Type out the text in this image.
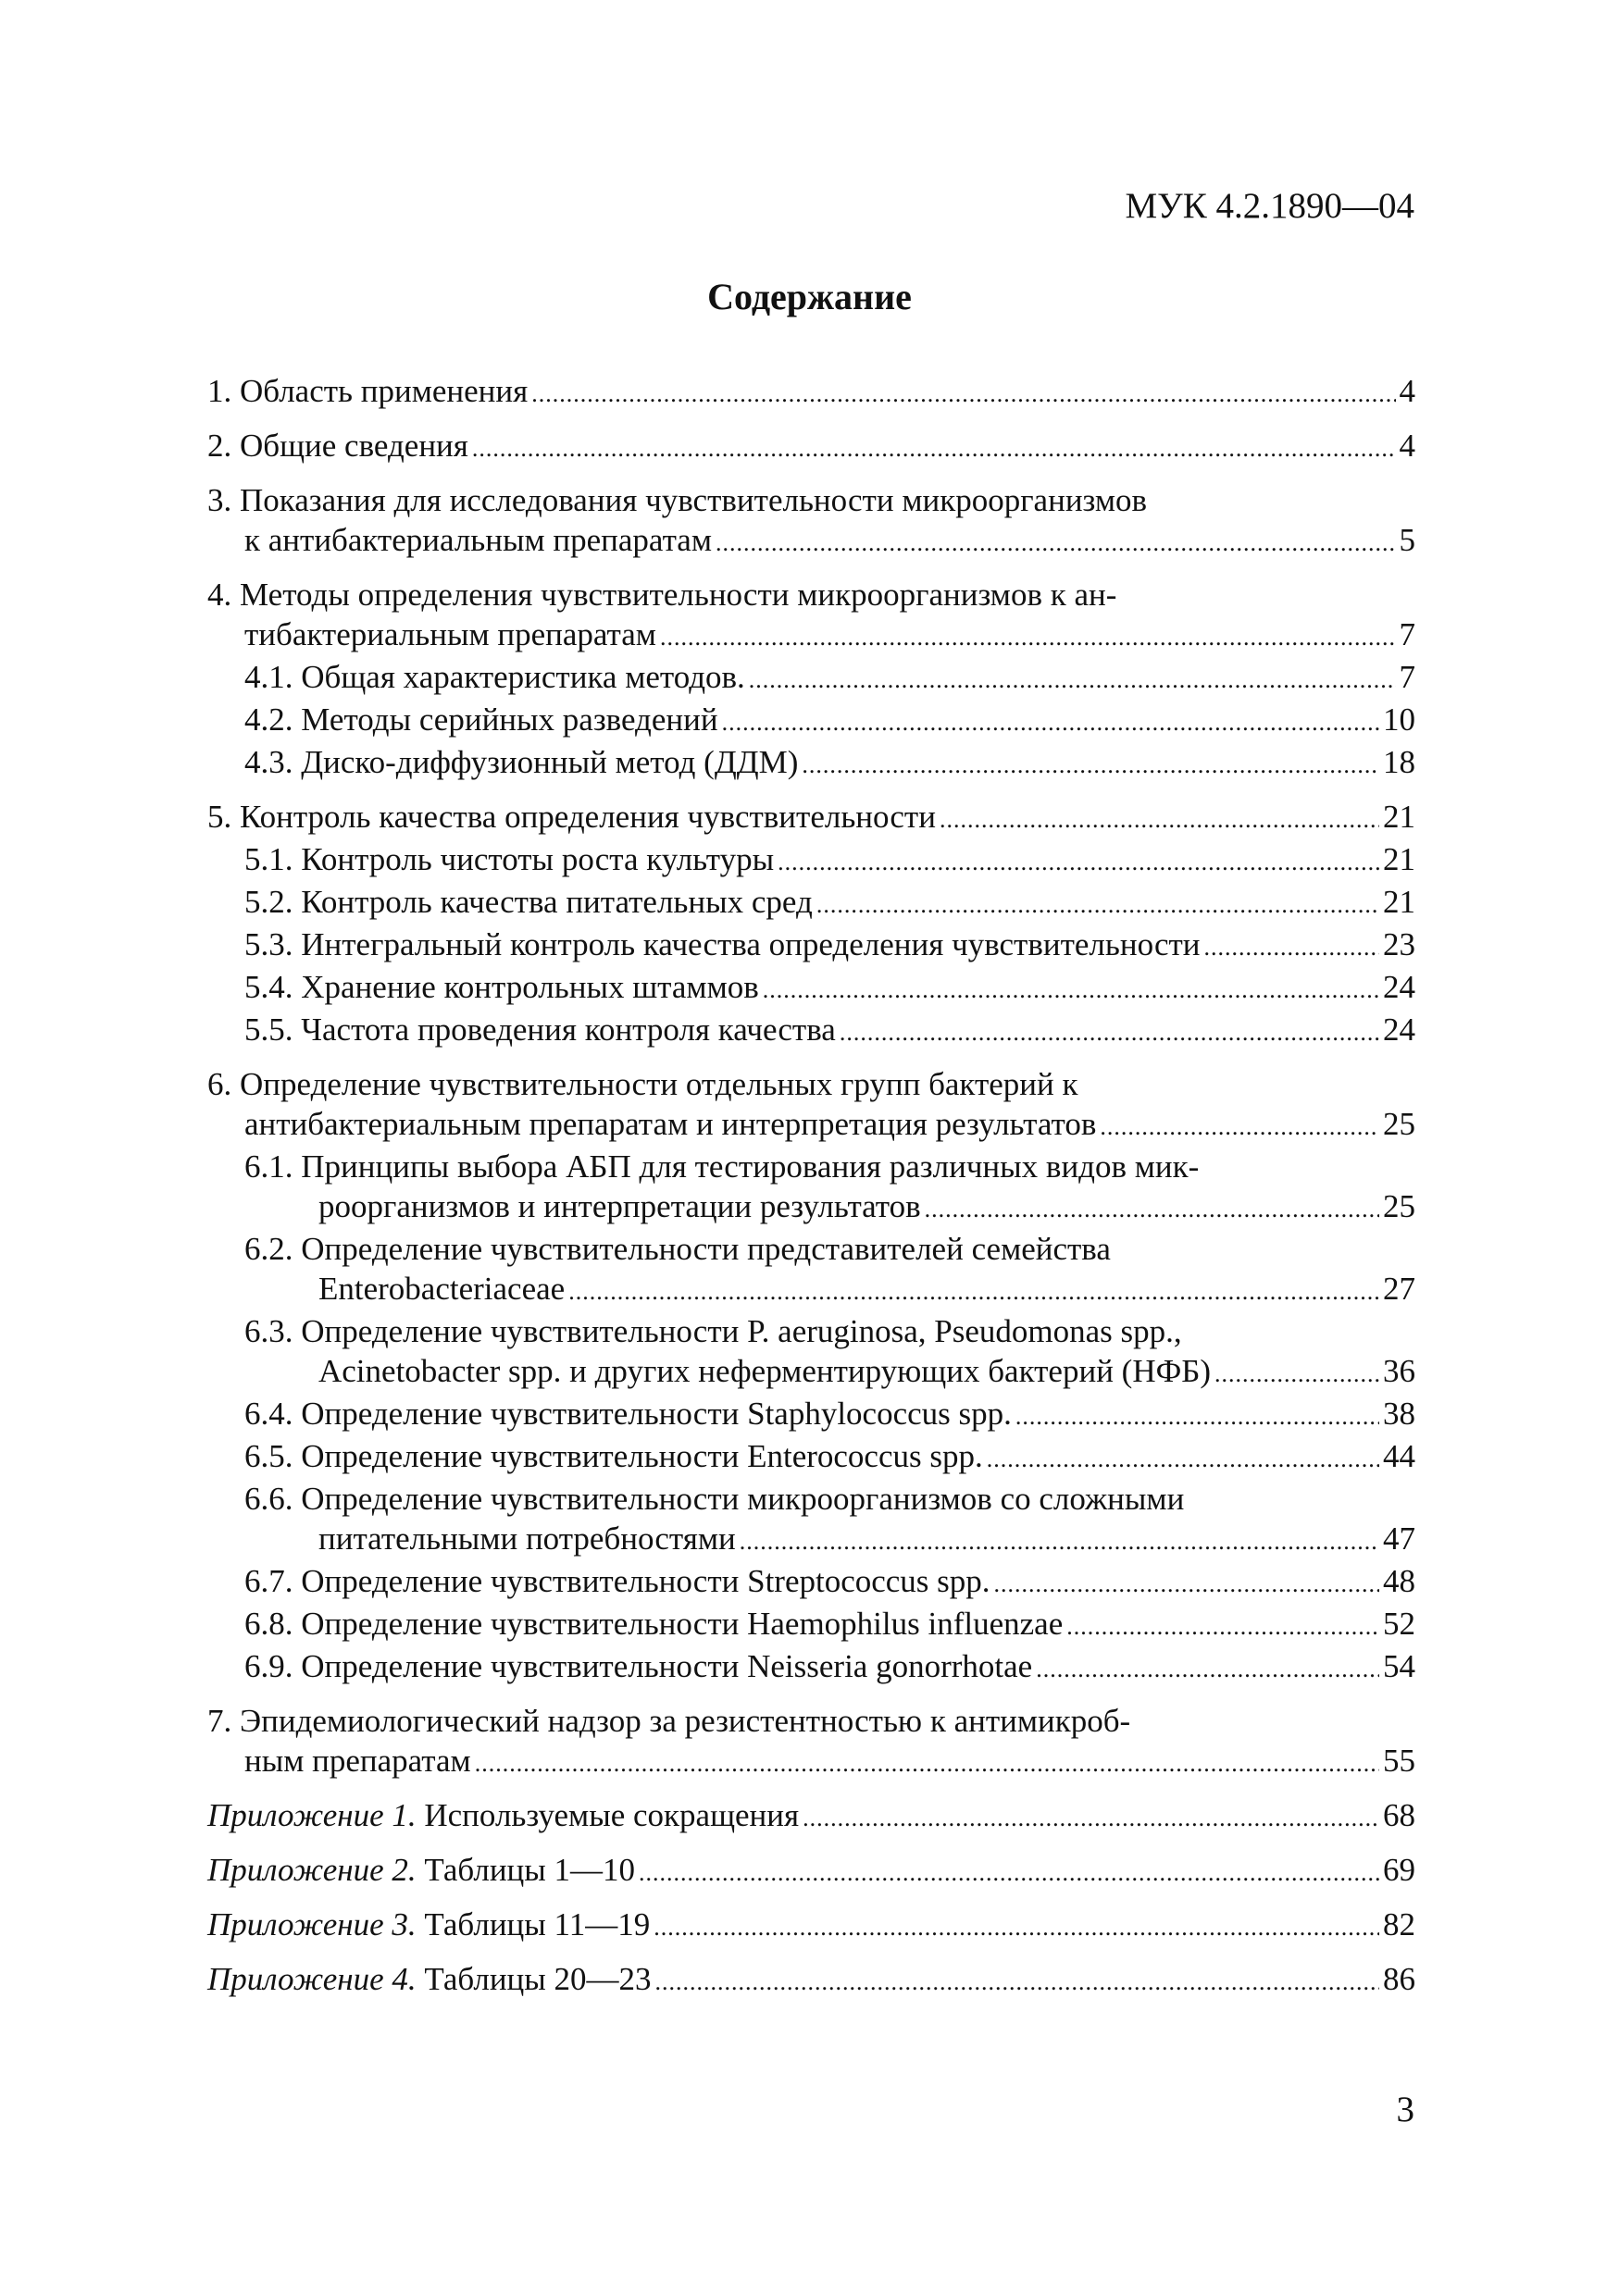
МУК 4.2.1890—04
Содержание
1. Область применения .....	4
2. Общие сведения .....	4
3. Показания для исследования чувствительности микроорганизмов
к антибактериальным препаратам .....	5
4. Методы определения чувствительности микроорганизмов к ан-
тибактериальным препаратам .....	7
4.1. Общая характеристика методов. .....	7
4.2. Методы серийных разведений .....	10
4.3. Диско-диффузионный метод (ДДМ) .....	18
5. Контроль качества определения чувствительности .....	21
5.1. Контроль чистоты роста культуры .....	21
5.2. Контроль качества питательных сред .....	21
5.3. Интегральный контроль качества определения чувствительности .....	23
5.4. Хранение контрольных штаммов .....	24
5.5. Частота проведения контроля качества .....	24
6. Определение чувствительности отдельных групп бактерий к
антибактериальным препаратам и интерпретация результатов .....	25
6.1. Принципы выбора АБП для тестирования различных видов мик-
роорганизмов и интерпретации результатов .....	25
6.2. Определение чувствительности представителей семейства
Enterobacteriaceae .....	27
6.3. Определение чувствительности P. aeruginosa, Pseudomonas spp.,
Acinetobacter spp. и других неферментирующих бактерий (НФБ) .....	36
6.4. Определение чувствительности Staphylococcus spp. .....	38
6.5. Определение чувствительности Enterococcus spp. .....	44
6.6. Определение чувствительности микроорганизмов со сложными
питательными потребностями .....	47
6.7. Определение чувствительности Streptococcus spp. .....	48
6.8. Определение чувствительности Haemophilus influenzae .....	52
6.9. Определение чувствительности Neisseria gonorrhotae .....	54
7. Эпидемиологический надзор за резистентностью к антимикроб-
ным препаратам .....	55
Приложение 1. Используемые сокращения .....	68
Приложение 2. Таблицы 1—10 .....	69
Приложение 3. Таблицы 11—19 .....	82
Приложение 4. Таблицы 20—23 .....	86
3
